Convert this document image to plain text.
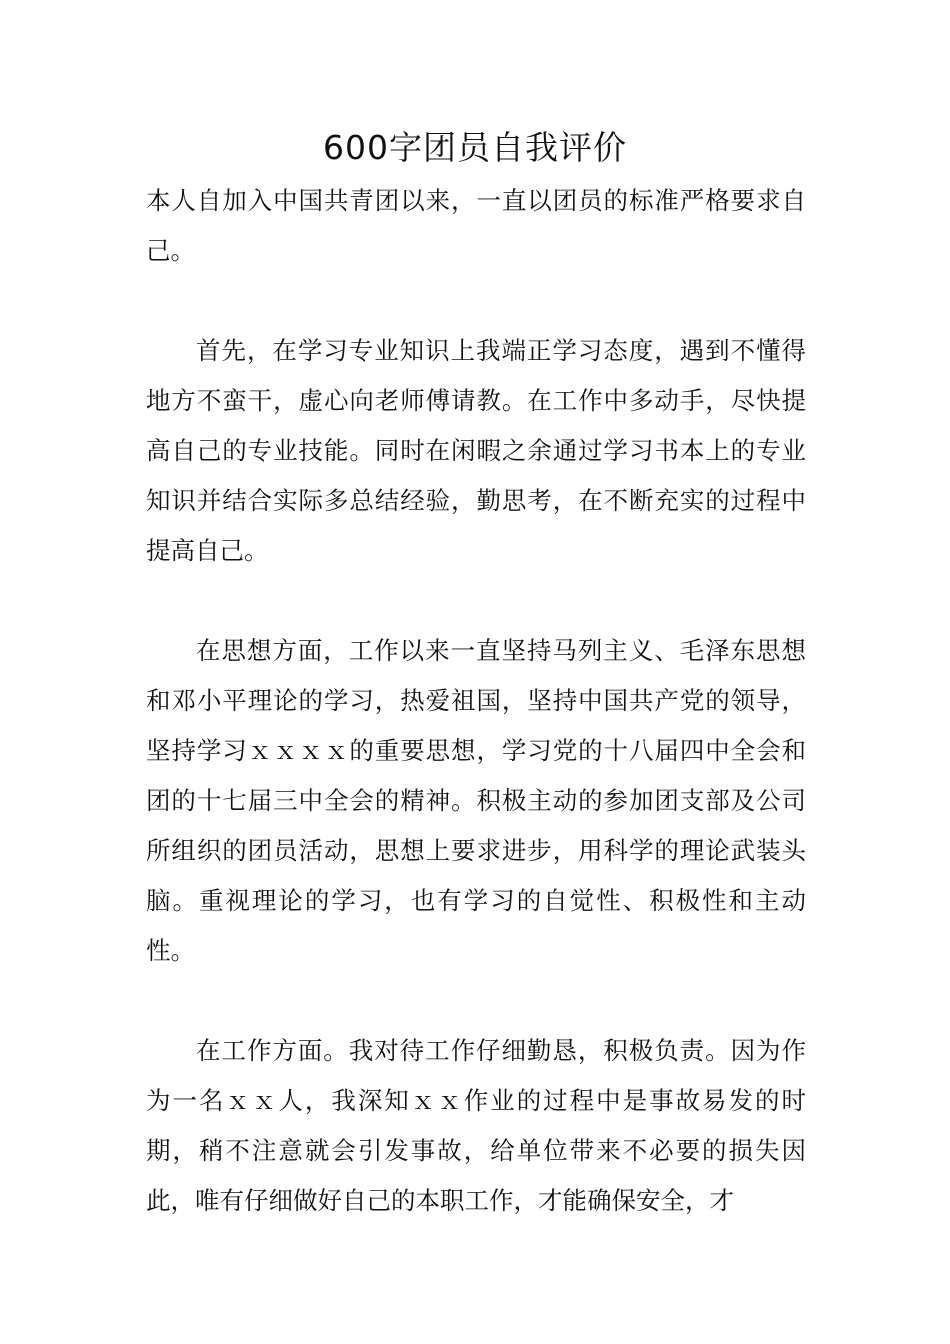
600字团员自我评价

本人自加入中国共青团以来，一直以团员的标准严格要求自己。

首先，在学习专业知识上我端正学习态度，遇到不懂得地方不蛮干，虚心向老师傅请教。在工作中多动手，尽快提高自己的专业技能。同时在闲暇之余通过学习书本上的专业知识并结合实际多总结经验，勤思考，在不断充实的过程中提高自己。

在思想方面，工作以来一直坚持马列主义、毛泽东思想和邓小平理论的学习，热爱祖国，坚持中国共产党的领导，坚持学习ｘｘｘｘ的重要思想，学习党的十八届四中全会和团的十七届三中全会的精神。积极主动的参加团支部及公司所组织的团员活动，思想上要求进步，用科学的理论武装头脑。重视理论的学习，也有学习的自觉性、积极性和主动性。

在工作方面。我对待工作仔细勤恳，积极负责。因为作为一名ｘｘ人，我深知ｘｘ作业的过程中是事故易发的时期，稍不注意就会引发事故，给单位带来不必要的损失因此，唯有仔细做好自己的本职工作，才能确保安全，才
